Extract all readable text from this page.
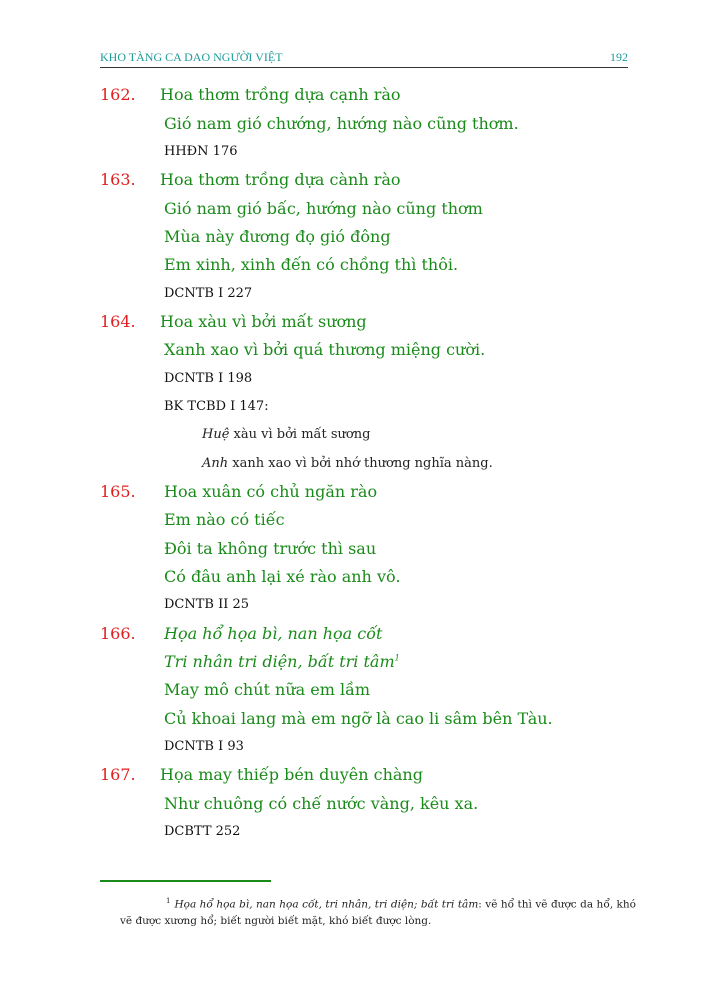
KHO TÀNG CA DAO NGƯỜI VIỆT	192
162. Hoa thơm trồng dựa cạnh rào
Gió nam gió chướng, hướng nào cũng thơm.
HHĐN 176
163. Hoa thơm trồng dựa cành rào
Gió nam gió bấc, hướng nào cũng thơm
Mùa này đương đọ gió đông
Em xinh, xinh đến có chồng thì thôi.
DCNTB I 227
164. Hoa xàu vì bởi mất sương
Xanh xao vì bởi quá thương miệng cười.
DCNTB I 198
BK TCBD I 147:
Huệ xàu vì bởi mất sương
Anh xanh xao vì bởi nhớ thương nghĩa nàng.
165. Hoa xuân có chủ ngăn rào
Em nào có tiếc
Đôi ta không trước thì sau
Có đâu anh lại xé rào anh vô.
DCNTB II 25
166. Họa hổ họa bì, nan họa cốt
Tri nhân tri diện, bất tri tâm$^1$
May mô chút nữa em lầm
Củ khoai lang mà em ngỡ là cao li sâm bên Tàu.
DCNTB I 93
167. Họa may thiếp bén duyên chàng
Như chuông có chế nước vàng, kêu xa.
DCBTT 252
$^1$ Họa hổ họa bì, nan họa cốt, tri nhân, tri diện; bất tri tâm: vẽ hổ thì vẽ được da hổ, khó vẽ được xương hổ; biết người biết mặt, khó biết được lòng.
